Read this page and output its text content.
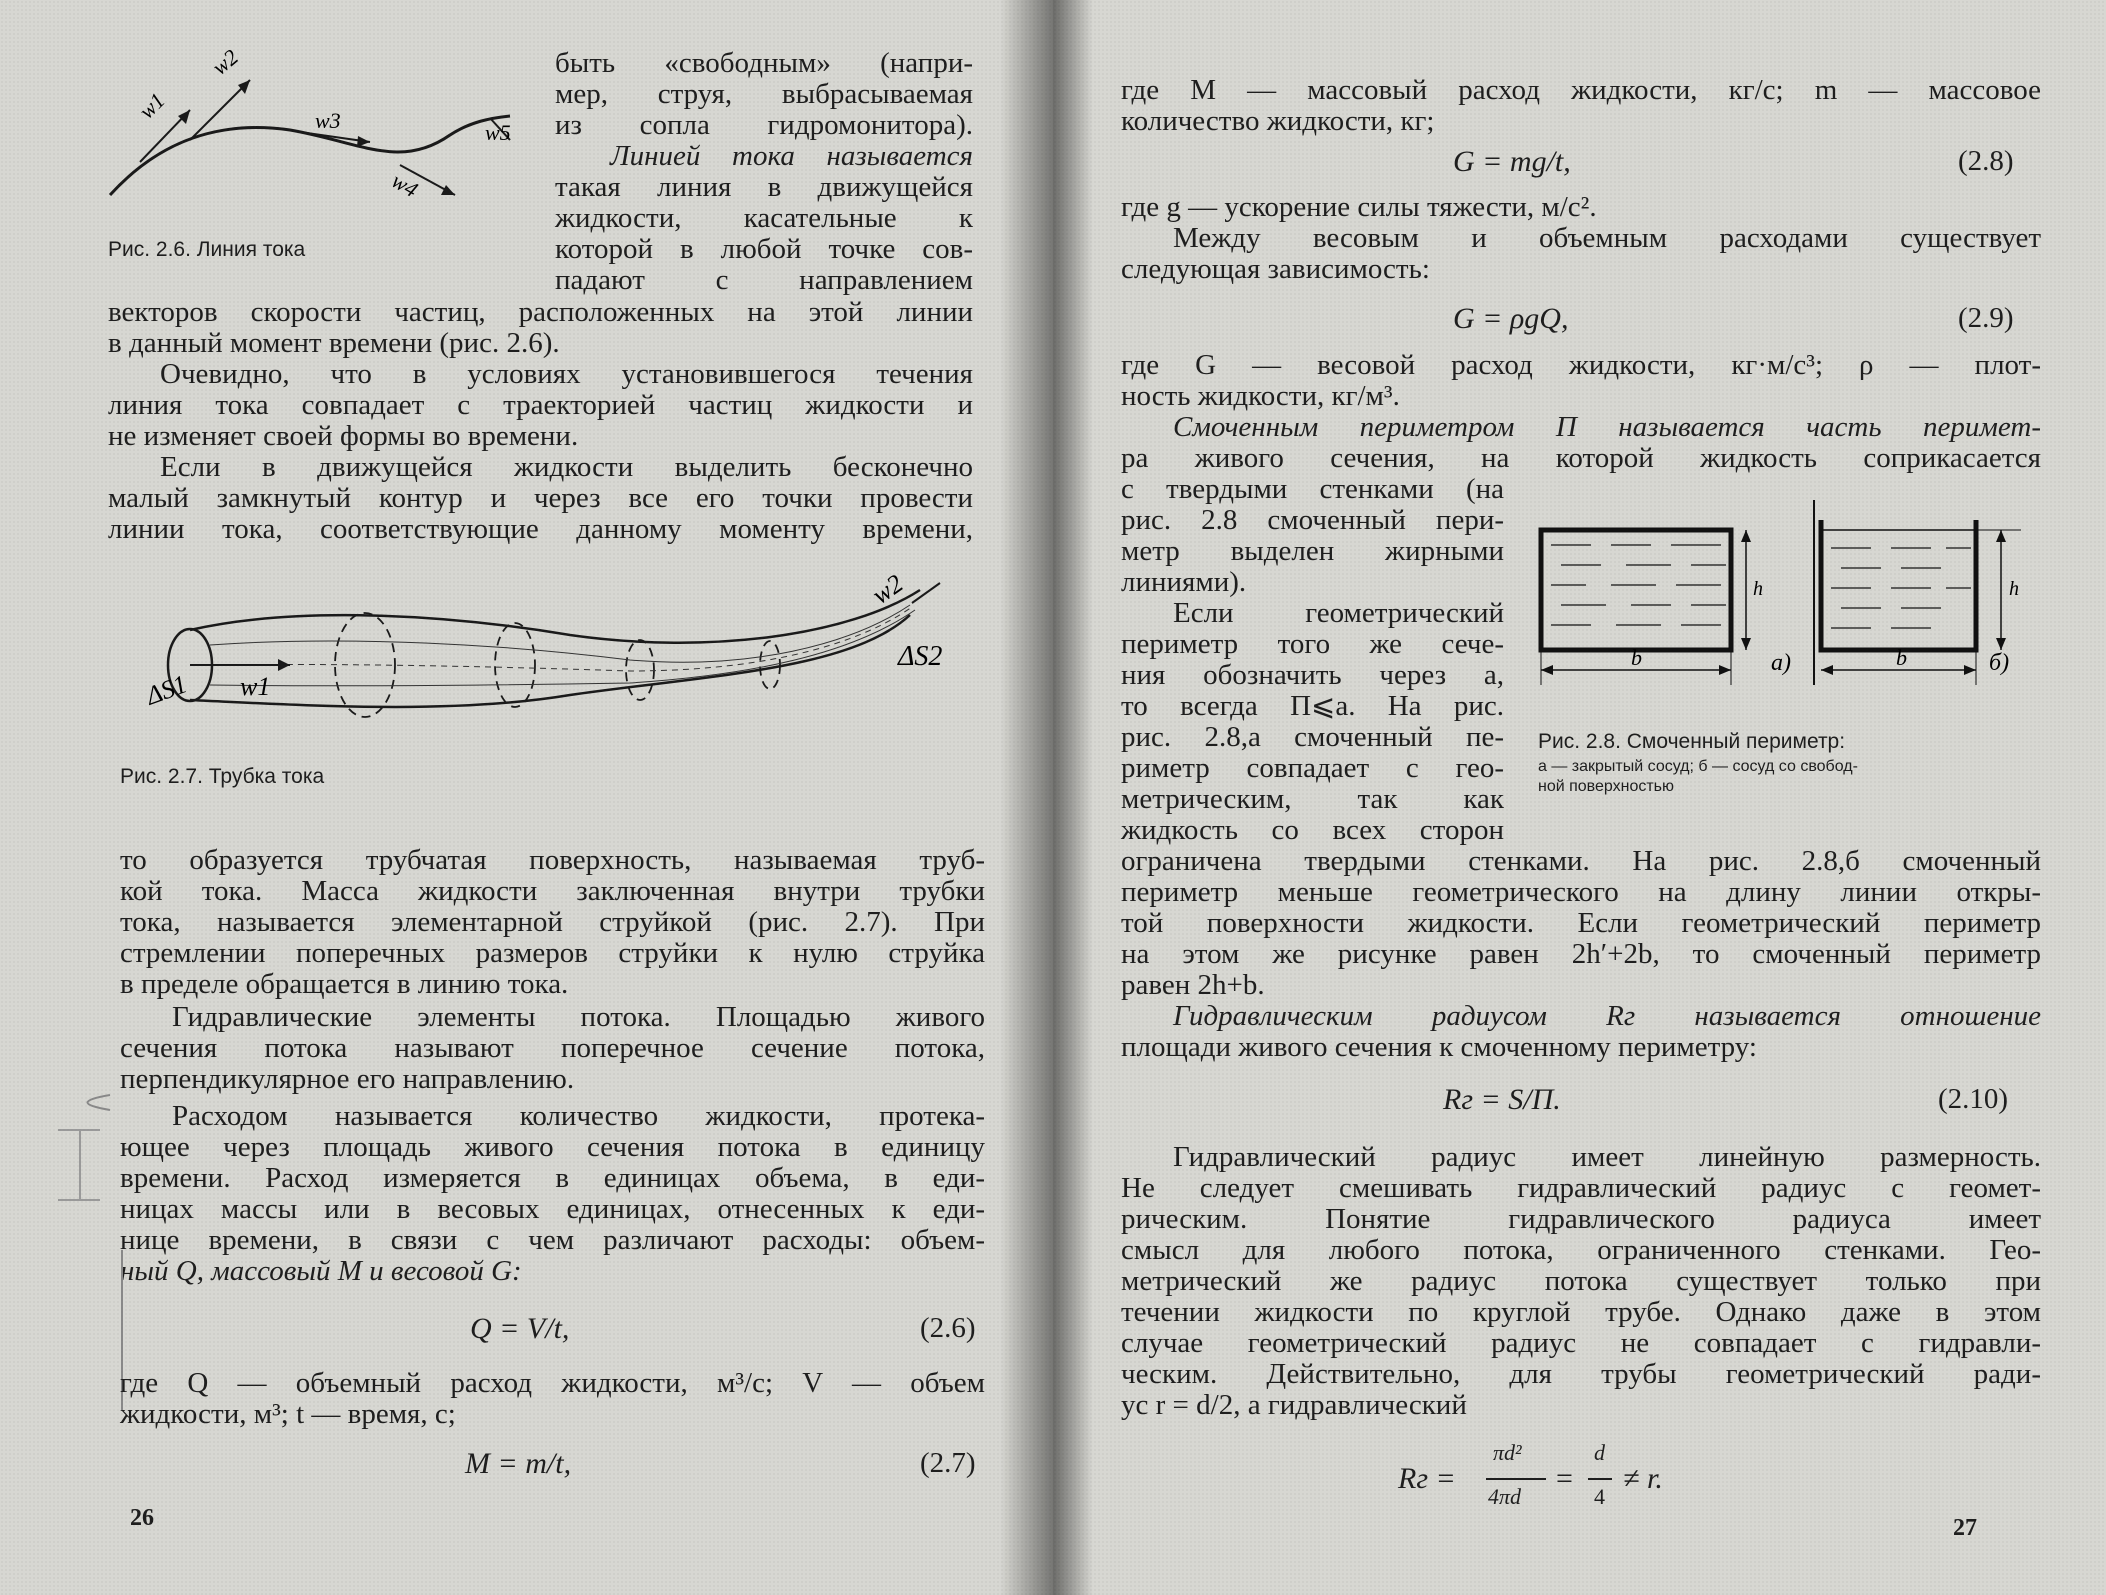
w1
w2
w3
w4
w5
Рис. 2.6. Линия тока
быть «свободным» (напри-
мер, струя, выбрасываемая
из сопла гидромонитора).
Линией тока называется
такая линия в движущейся
жидкости, касательные к
которой в любой точке сов-
падают с направлением
векторов скорости частиц, расположенных на этой линии
в данный момент времени (рис. 2.6).
Очевидно, что в условиях установившегося течения
линия тока совпадает с траекторией частиц жидкости и
не изменяет своей формы во времени.
Если в движущейся жидкости выделить бесконечно
малый замкнутый контур и через все его точки провести
линии тока, соответствующие данному моменту времени,
ΔS1 w1
w2
ΔS2
Рис. 2.7. Трубка тока
то образуется трубчатая поверхность, называемая труб-
кой тока. Масса жидкости заключенная внутри трубки
тока, называется элементарной струйкой (рис. 2.7). При
стремлении поперечных размеров струйки к нулю струйка
в пределе обращается в линию тока.
Гидравлические элементы потока. Площадью живого
сечения потока называют поперечное сечение потока,
перпендикулярное его направлению.
Расходом называется количество жидкости, протека-
ющее через площадь живого сечения потока в единицу
времени. Расход измеряется в единицах объема, в еди-
ницах массы или в весовых единицах, отнесенных к еди-
нице времени, в связи с чем различают расходы: объем-
ный Q, массовый M и весовой G:
Q = V/t,	(2.6)
где Q — объемный расход жидкости, м³/с; V — объем
жидкости, м³; t — время, с;
M = m/t,	(2.7)
26
где M — массовый расход жидкости, кг/с; m — массовое
количество жидкости, кг;
G = mg/t,	(2.8)
где g — ускорение силы тяжести, м/с².
Между весовым и объемным расходами существует
следующая зависимость:
G = ρgQ,	(2.9)
где G — весовой расход жидкости, кг·м/с³; ρ — плот-
ность жидкости, кг/м³.
Смоченным периметром П называется часть перимет-
ра живого сечения, на которой жидкость соприкасается
с твердыми стенками (на
рис. 2.8 смоченный пери-
метр выделен жирными
линиями).
Если геометрический
периметр того же сече-
ния обозначить через a,
то всегда П⩽a. На рис.
рис. 2.8,a смоченный пе-
риметр совпадает с гео-
метрическим, так как
жидкость со всех сторон
b
h
a)	b
h
б)
Рис. 2.8. Смоченный периметр:
a — закрытый сосуд; б — сосуд со свобод-
ной поверхностью
ограничена твердыми стенками. На рис. 2.8,б смоченный
периметр меньше геометрического на длину линии откры-
той поверхности жидкости. Если геометрический периметр
на этом же рисунке равен 2h′+2b, то смоченный периметр
равен 2h+b.
Гидравлическим радиусом Rг называется отношение
площади живого сечения к смоченному периметру:
Rг = S/П.	(2.10)
Гидравлический радиус имеет линейную размерность.
Не следует смешивать гидравлический радиус с геомет-
рическим. Понятие гидравлического радиуса имеет
смысл для любого потока, ограниченного стенками. Гео-
метрический же радиус потока существует только при
течении жидкости по круглой трубе. Однако даже в этом
случае геометрический радиус не совпадает с гидравли-
ческим. Действительно, для трубы геометрический ради-
ус r = d/2, а гидравлический
Rг =
πd²
4πd
=
d
4
≠ r.
27
